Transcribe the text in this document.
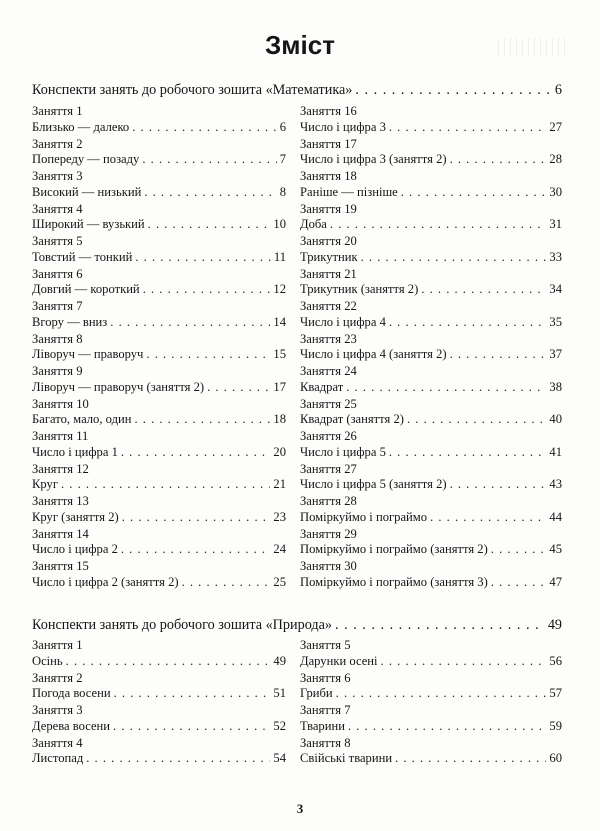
Зміст
Конспекти занять до робочого зошита «Математика» . . .	6
Заняття 1
Близько — далеко . . .	6
Заняття 2
Попереду — позаду . . .	7
Заняття 3
Високий — низький . . .	8
Заняття 4
Широкий — вузький . . .	10
Заняття 5
Товстий — тонкий . . .	11
Заняття 6
Довгий — короткий . . .	12
Заняття 7
Вгору — вниз . . .	14
Заняття 8
Ліворуч — праворуч . . .	15
Заняття 9
Ліворуч — праворуч (заняття 2) . . .	17
Заняття 10
Багато, мало, один . . .	18
Заняття 11
Число і цифра 1 . . .	20
Заняття 12
Круг . . .	21
Заняття 13
Круг (заняття 2) . . .	23
Заняття 14
Число і цифра 2 . . .	24
Заняття 15
Число і цифра 2 (заняття 2) . . .	25
Заняття 16
Число і цифра 3 . . .	27
Заняття 17
Число і цифра 3 (заняття 2) . . .	28
Заняття 18
Раніше — пізніше . . .	30
Заняття 19
Доба . . .	31
Заняття 20
Трикутник . . .	33
Заняття 21
Трикутник (заняття 2) . . .	34
Заняття 22
Число і цифра 4 . . .	35
Заняття 23
Число і цифра 4 (заняття 2) . . .	37
Заняття 24
Квадрат . . .	38
Заняття 25
Квадрат (заняття 2) . . .	40
Заняття 26
Число і цифра 5 . . .	41
Заняття 27
Число і цифра 5 (заняття 2) . . .	43
Заняття 28
Поміркуймо і пограймо . . .	44
Заняття 29
Поміркуймо і пограймо (заняття 2) . . .	45
Заняття 30
Поміркуймо і пограймо (заняття 3) . . .	47
Конспекти занять до робочого зошита «Природа» . . .	49
Заняття 1
Осінь . . .	49
Заняття 2
Погода восени . . .	51
Заняття 3
Дерева восени . . .	52
Заняття 4
Листопад . . .	54
Заняття 5
Дарунки осені . . .	56
Заняття 6
Гриби . . .	57
Заняття 7
Тварини . . .	59
Заняття 8
Свійські тварини . . .	60
3
